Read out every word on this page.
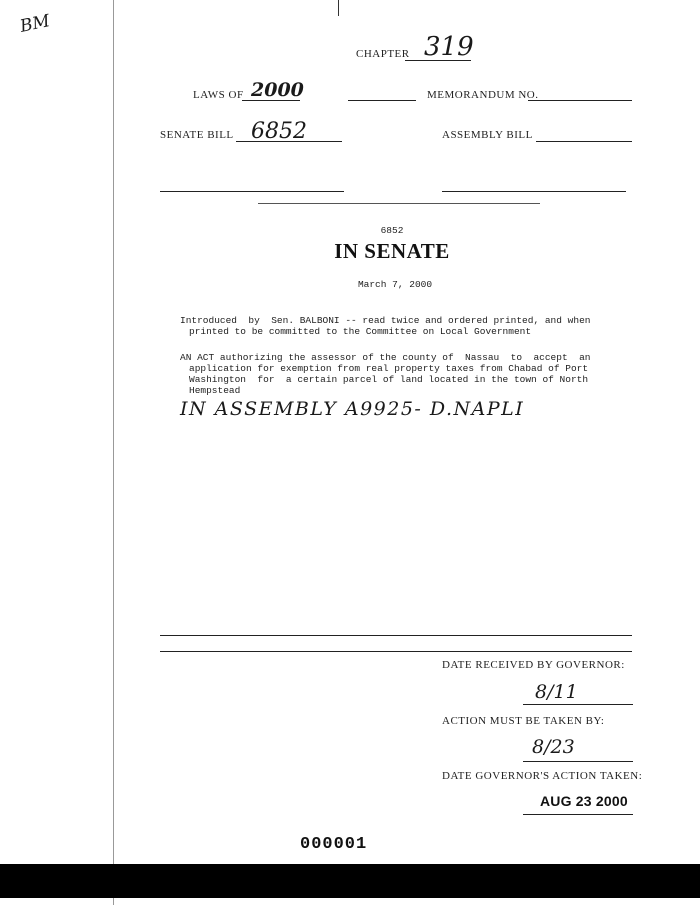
BM
CHAPTER 319
LAWS OF 2000	MEMORANDUM NO.
SENATE BILL 6852	ASSEMBLY BILL
6852
IN SENATE
March 7, 2000
Introduced  by  Sen. BALBONI -- read twice and ordered printed, and when
printed to be committed to the Committee on Local Government
AN ACT authorizing the assessor of the county of  Nassau  to  accept  an
application for exemption from real property taxes from Chabad of Port
Washington  for  a certain parcel of land located in the town of North
Hempstead
IN ASSEMBLY A9925- D.NAPLI
DATE RECEIVED BY GOVERNOR:
8/11
ACTION MUST BE TAKEN BY:
8/23
DATE GOVERNOR'S ACTION TAKEN:
AUG 23 2000
000001
